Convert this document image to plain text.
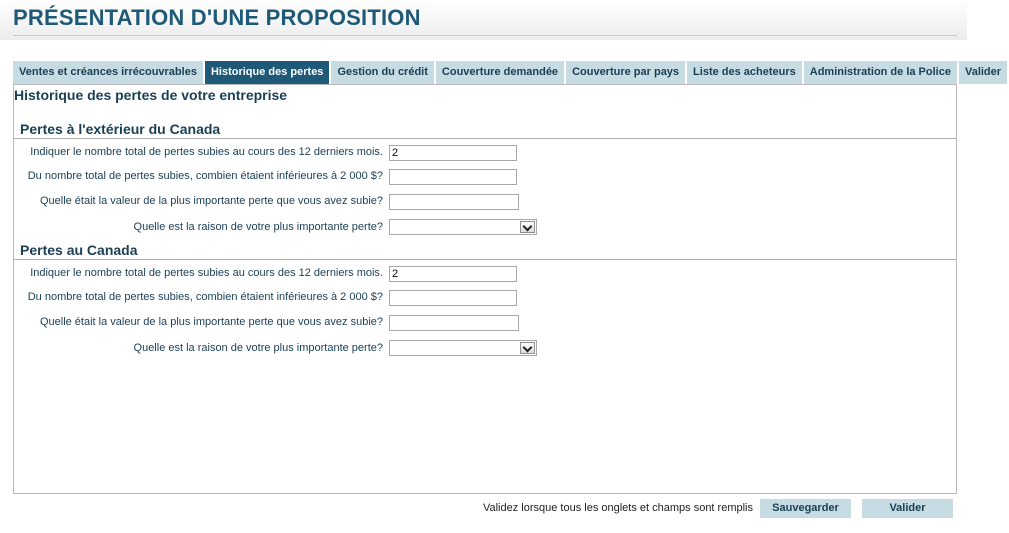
PRÉSENTATION D'UNE PROPOSITION
Ventes et créances irrécouvrables	Historique des pertes	Gestion du crédit	Couverture demandée	Couverture par pays	Liste des acheteurs	Administration de la Police	Valider
Historique des pertes de votre entreprise
Pertes à l'extérieur du Canada
Indiquer le nombre total de pertes subies au cours des 12 derniers mois.
2
Du nombre total de pertes subies, combien étaient inférieures à 2 000 $?
Quelle était la valeur de la plus importante perte que vous avez subie?
Quelle est la raison de votre plus importante perte?
Pertes au Canada
Indiquer le nombre total de pertes subies au cours des 12 derniers mois.
2
Du nombre total de pertes subies, combien étaient inférieures à 2 000 $?
Quelle était la valeur de la plus importante perte que vous avez subie?
Quelle est la raison de votre plus importante perte?
Validez lorsque tous les onglets et champs sont remplis	Sauvegarder	Valider
